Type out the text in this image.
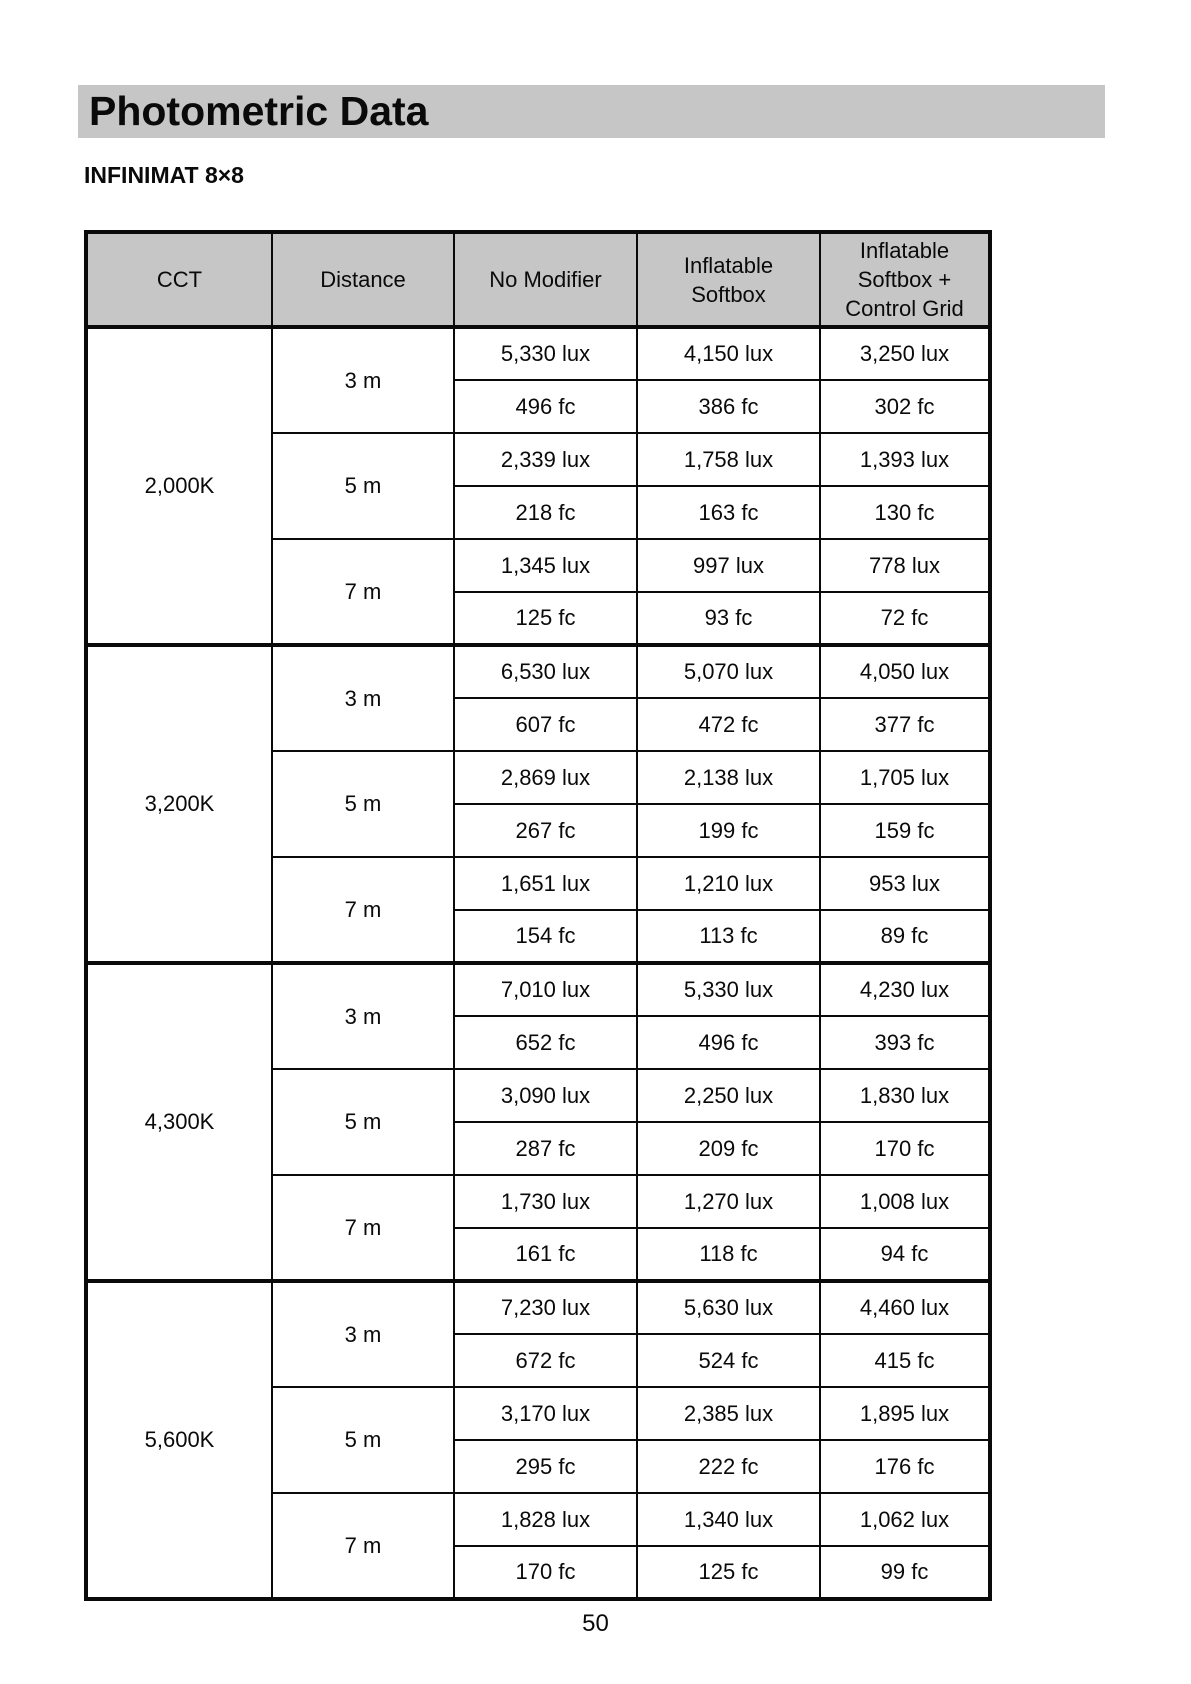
Photometric Data
INFINIMAT 8×8
CCT	Distance	No Modifier	Inflatable Softbox	Inflatable Softbox + Control Grid
2,000K	3 m	5,330 lux	4,150 lux	3,250 lux
		496 fc	386 fc	302 fc
	5 m	2,339 lux	1,758 lux	1,393 lux
		218 fc	163 fc	130 fc
	7 m	1,345 lux	997 lux	778 lux
		125 fc	93 fc	72 fc
3,200K	3 m	6,530 lux	5,070 lux	4,050 lux
		607 fc	472 fc	377 fc
	5 m	2,869 lux	2,138 lux	1,705 lux
		267 fc	199 fc	159 fc
	7 m	1,651 lux	1,210 lux	953 lux
		154 fc	113 fc	89 fc
4,300K	3 m	7,010 lux	5,330 lux	4,230 lux
		652 fc	496 fc	393 fc
	5 m	3,090 lux	2,250 lux	1,830 lux
		287 fc	209 fc	170 fc
	7 m	1,730 lux	1,270 lux	1,008 lux
		161 fc	118 fc	94 fc
5,600K	3 m	7,230 lux	5,630 lux	4,460 lux
		672 fc	524 fc	415 fc
	5 m	3,170 lux	2,385 lux	1,895 lux
		295 fc	222 fc	176 fc
	7 m	1,828 lux	1,340 lux	1,062 lux
		170 fc	125 fc	99 fc
50
